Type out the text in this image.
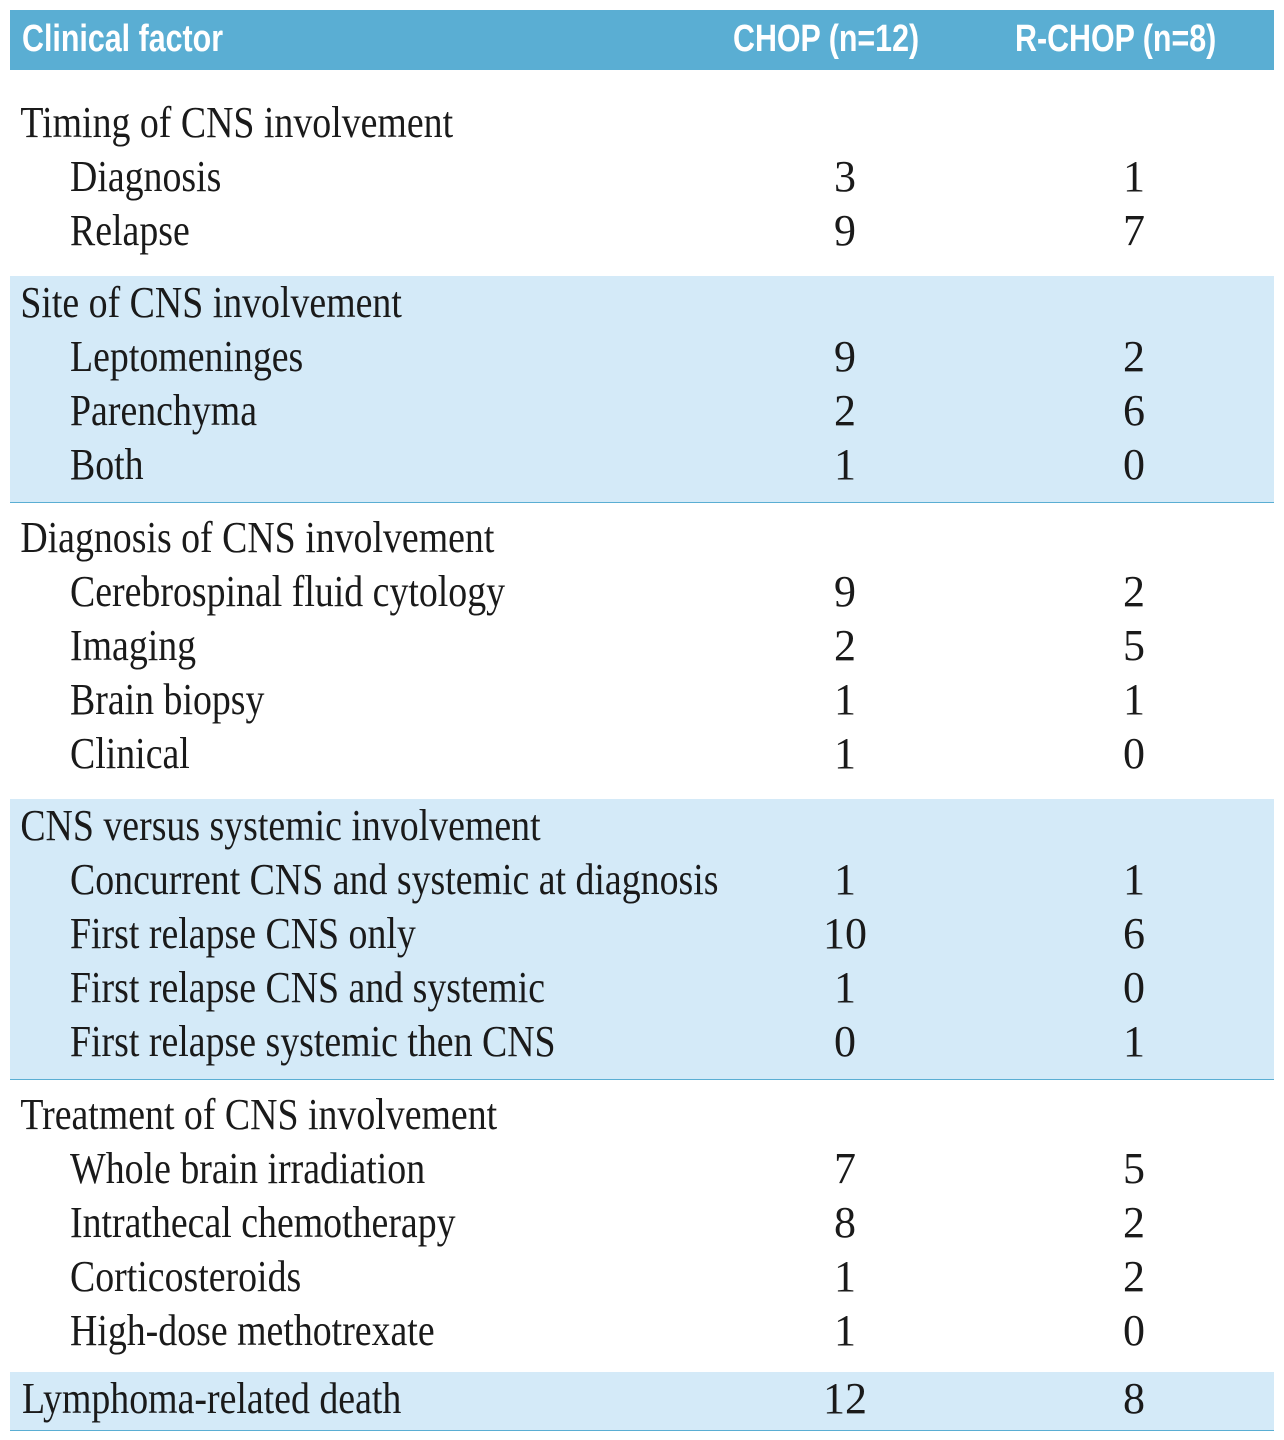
Clinical factor	CHOP (n=12)	R-CHOP (n=8)
Timing of CNS involvement
Diagnosis	3	1
Relapse	9	7
Site of CNS involvement
Leptomeninges	9	2
Parenchyma	2	6
Both	1	0
Diagnosis of CNS involvement
Cerebrospinal fluid cytology	9	2
Imaging	2	5
Brain biopsy	1	1
Clinical	1	0
CNS versus systemic involvement
Concurrent CNS and systemic at diagnosis	1	1
First relapse CNS only	10	6
First relapse CNS and systemic	1	0
First relapse systemic then CNS	0	1
Treatment of CNS involvement
Whole brain irradiation	7	5
Intrathecal chemotherapy	8	2
Corticosteroids	1	2
High-dose methotrexate	1	0
Lymphoma-related death	12	8
